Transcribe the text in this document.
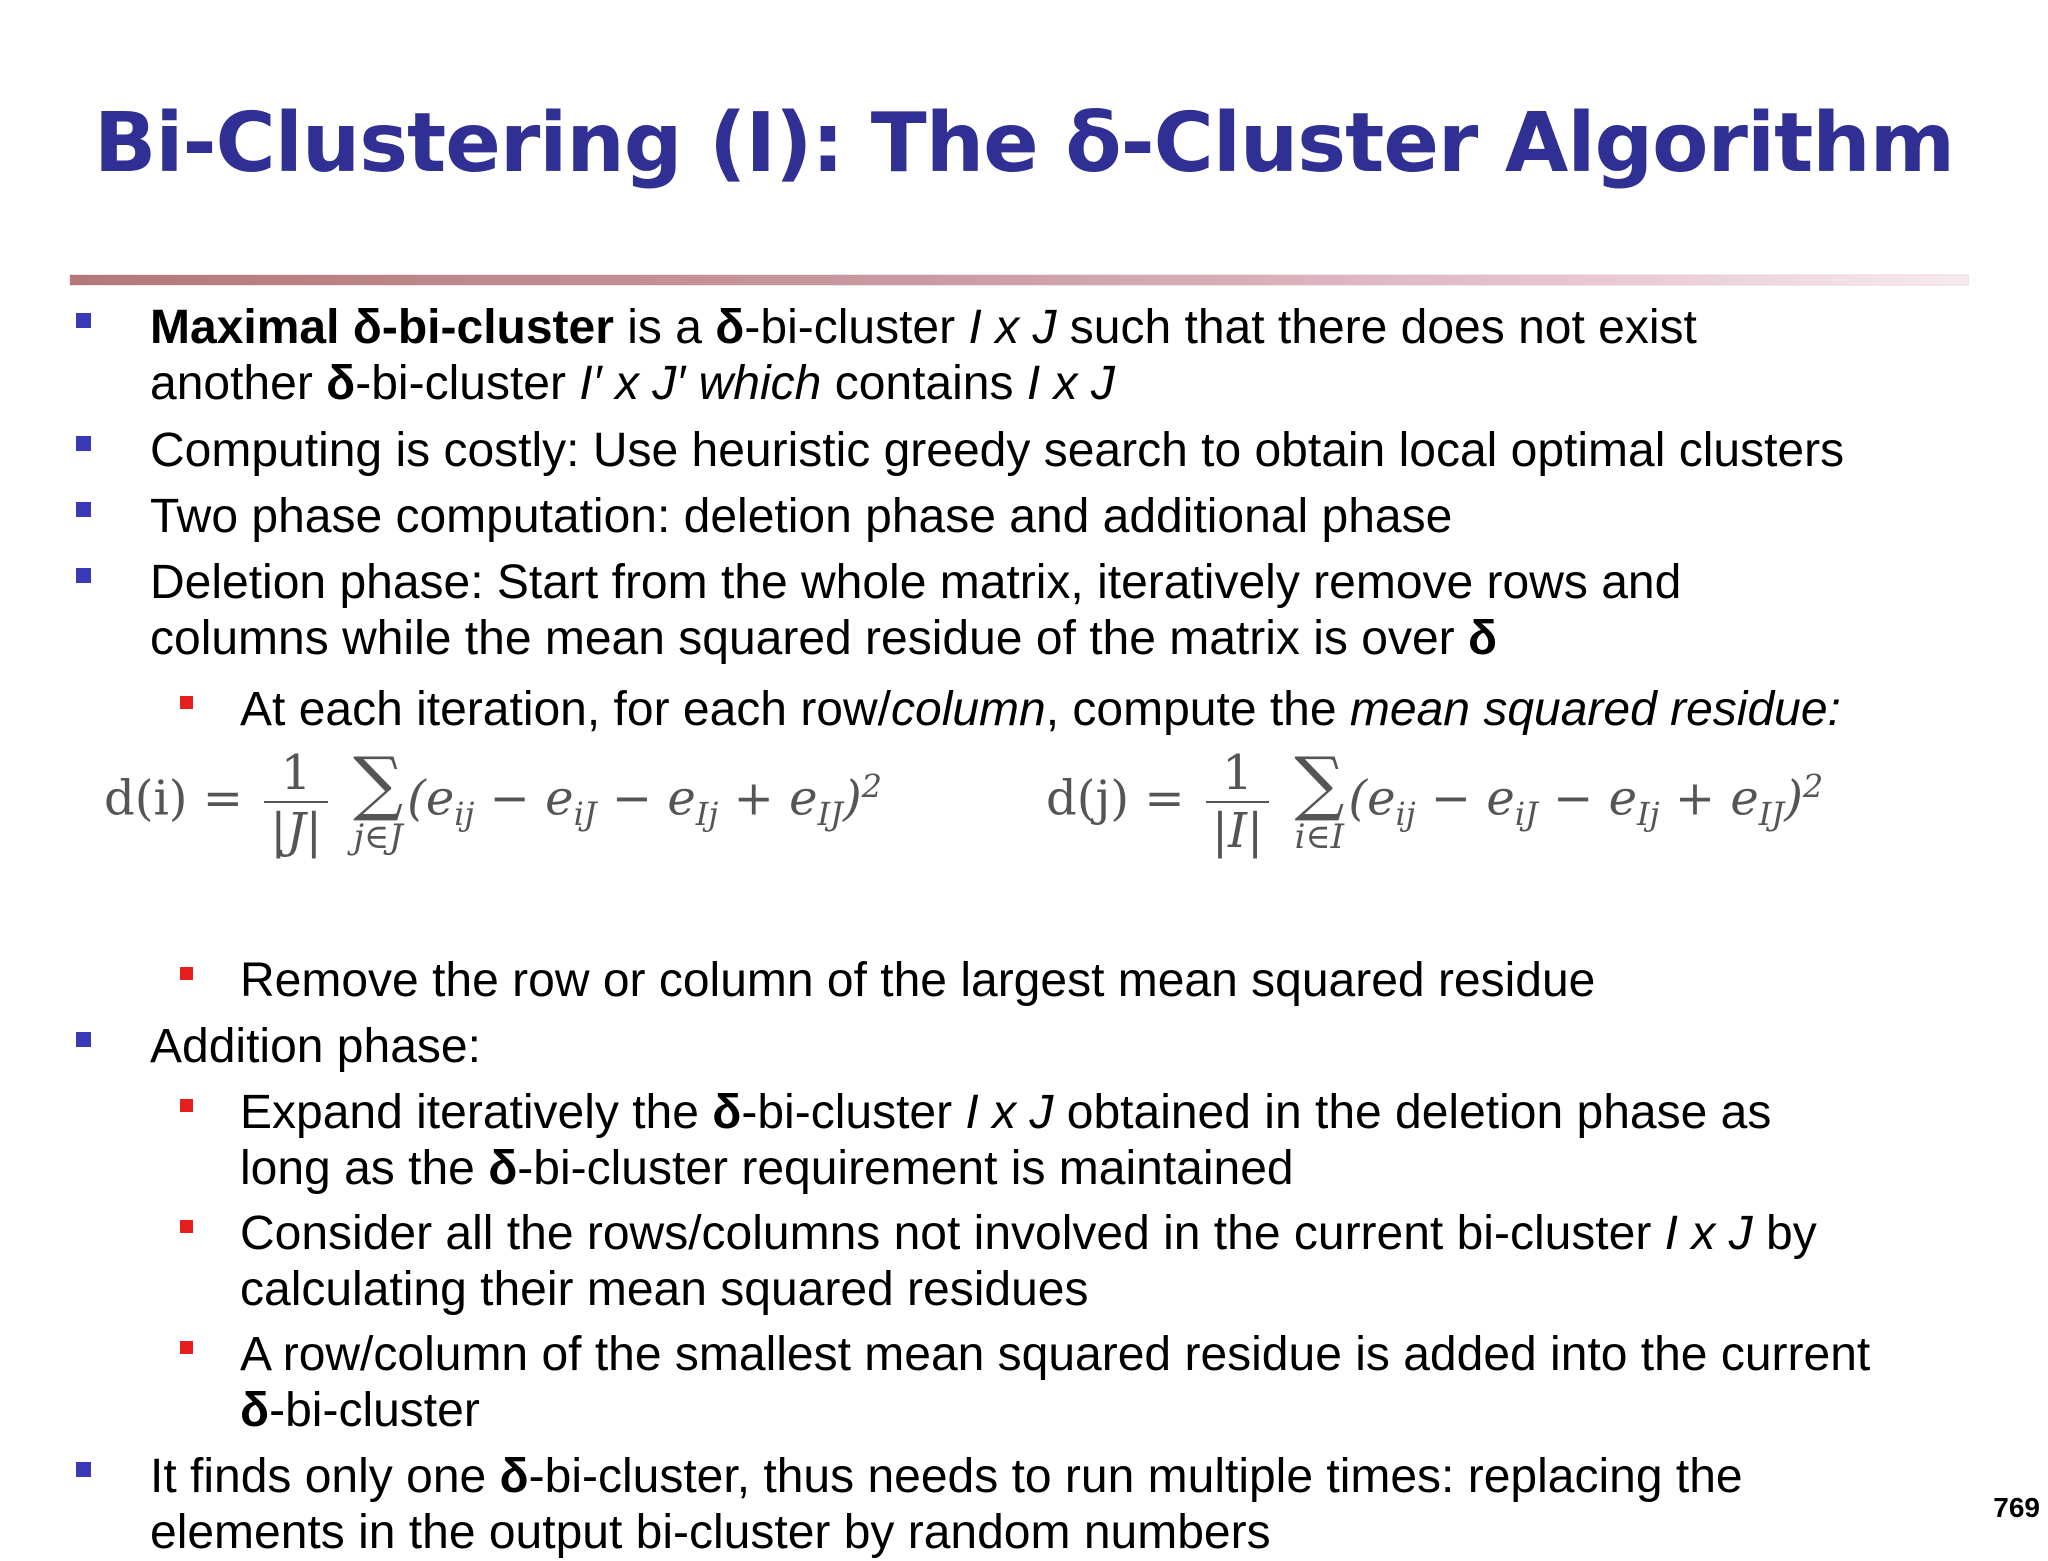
Bi-Clustering (I): The δ-Cluster Algorithm
Maximal δ-bi-cluster is a δ-bi-cluster I x J such that there does not exist
another δ-bi-cluster I′ x J′ which contains I x J
Computing is costly: Use heuristic greedy search to obtain local optimal clusters
Two phase computation: deletion phase and additional phase
Deletion phase: Start from the whole matrix, iteratively remove rows and
columns while the mean squared residue of the matrix is over δ
At each iteration, for each row/column, compute the mean squared residue:
$d(i) = \frac{1}{|J|}$
∑
j∈J
$(e_{ij} - e_{iJ} - e_{Ij} + e_{IJ})^2$	$d(j) = \frac{1}{|I|}$
∑
i∈I
$(e_{ij} - e_{iJ} - e_{Ij} + e_{IJ})^2$
Remove the row or column of the largest mean squared residue
Addition phase:
Expand iteratively the δ-bi-cluster I x J obtained in the deletion phase as
long as the δ-bi-cluster requirement is maintained
Consider all the rows/columns not involved in the current bi-cluster I x J by
calculating their mean squared residues
A row/column of the smallest mean squared residue is added into the current
δ-bi-cluster
It finds only one δ-bi-cluster, thus needs to run multiple times: replacing the
elements in the output bi-cluster by random numbers	769
